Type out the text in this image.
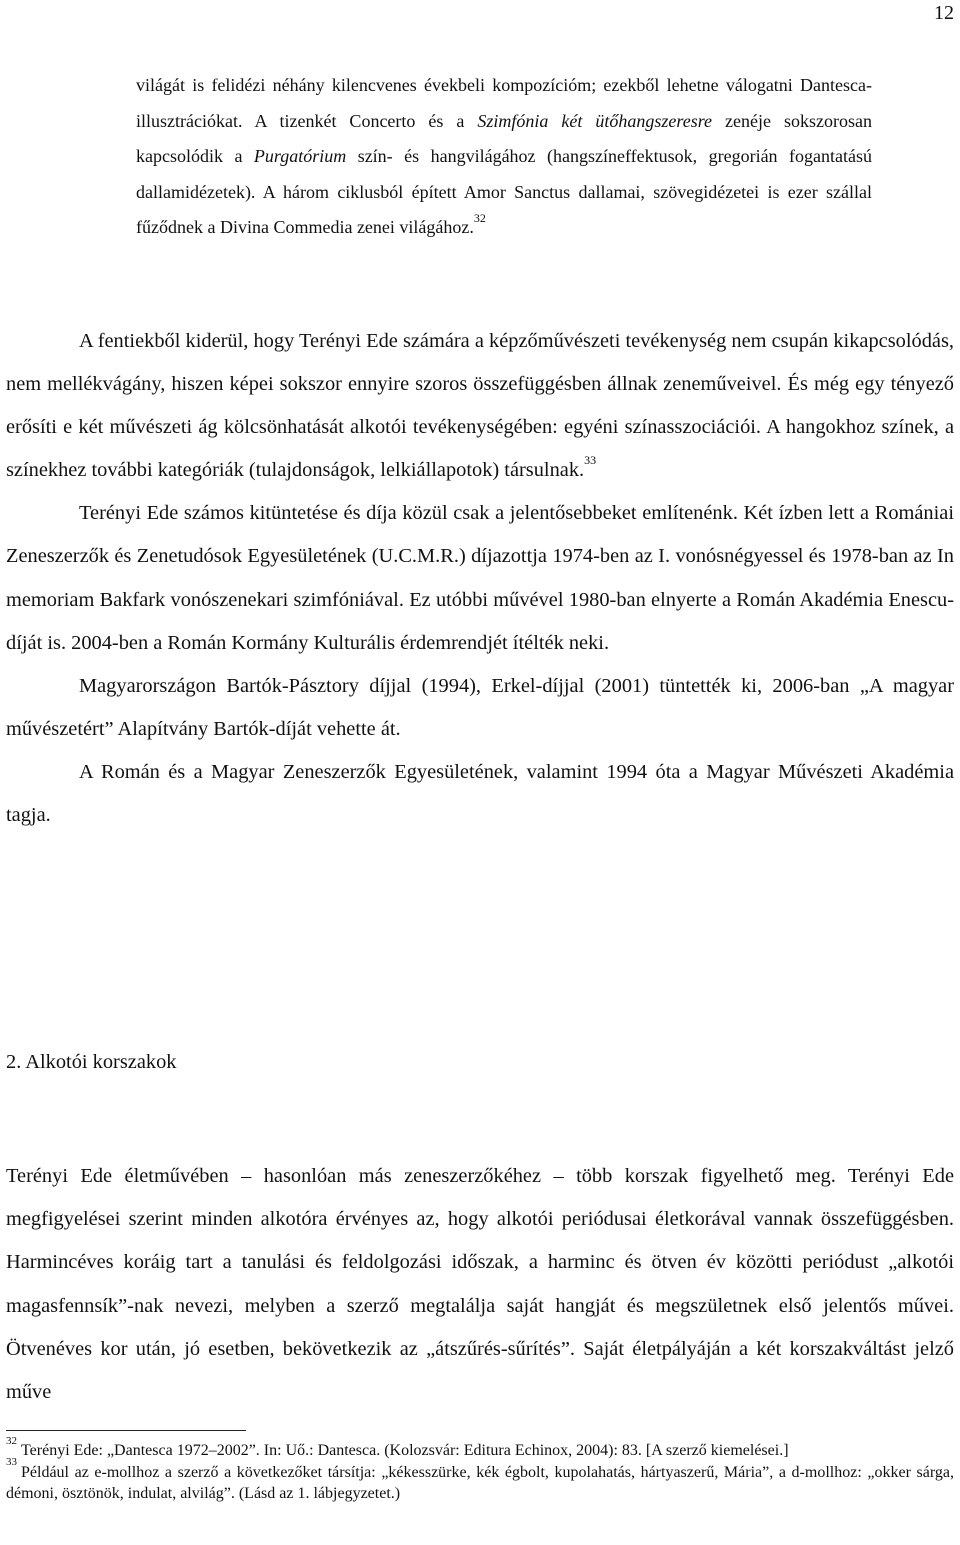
12
világát is felidézi néhány kilencvenes évekbeli kompozícióm; ezekből lehetne válogatni Dantesca-illusztrációkat. A tizenkét Concerto és a Szimfónia két ütőhangszeresre zenéje sokszorosan kapcsolódik a Purgatórium szín- és hangvilágához (hangszíneffektusok, gregorián fogantatású dallamidézetek). A három ciklusból épített Amor Sanctus dallamai, szövegidézetei is ezer szállal fűződnek a Divina Commedia zenei világához.$^{32}$

A fentiekből kiderül, hogy Terényi Ede számára a képzőművészeti tevékenység nem csupán kikapcsolódás, nem mellékvágány, hiszen képei sokszor ennyire szoros összefüggésben állnak zeneműveivel. És még egy tényező erősíti e két művészeti ág kölcsönhatását alkotói tevékenységében: egyéni színasszociációi. A hangokhoz színek, a színekhez további kategóriák (tulajdonságok, lelkiállapotok) társulnak.$^{33}$

Terényi Ede számos kitüntetése és díja közül csak a jelentősebbeket említenénk. Két ízben lett a Romániai Zeneszerzők és Zenetudósok Egyesületének (U.C.M.R.) díjazottja 1974-ben az I. vonósnégyessel és 1978-ban az In memoriam Bakfark vonószenekari szimfóniával. Ez utóbbi művével 1980-ban elnyerte a Román Akadémia Enescu-díját is. 2004-ben a Román Kormány Kulturális érdemrendjét ítélték neki.

Magyarországon Bartók-Pásztory díjjal (1994), Erkel-díjjal (2001) tüntették ki, 2006-ban „A magyar művészetért” Alapítvány Bartók-díját vehette át.

A Román és a Magyar Zeneszerzők Egyesületének, valamint 1994 óta a Magyar Művészeti Akadémia tagja.

2. Alkotói korszakok
Terényi Ede életművében – hasonlóan más zeneszerzőkéhez – több korszak figyelhető meg. Terényi Ede megfigyelései szerint minden alkotóra érvényes az, hogy alkotói periódusai életkorával vannak összefüggésben. Harmincéves koráig tart a tanulási és feldolgozási időszak, a harminc és ötven év közötti periódust „alkotói magasfennsík”-nak nevezi, melyben a szerző megtalálja saját hangját és megszületnek első jelentős művei. Ötvenéves kor után, jó esetben, bekövetkezik az „átszűrés-sűrítés”. Saját életpályáján a két korszakváltást jelző műve

$^{32}$Terényi Ede: „Dantesca 1972–2002”. In: Uő.: Dantesca. (Kolozsvár: Editura Echinox, 2004): 83. [A szerző kiemelései.]

$^{33}$Például az e-mollhoz a szerző a következőket társítja: „kékesszürke, kék égbolt, kupolahatás, hártyaszerű, Mária”, a d-mollhoz: „okker sárga, démoni, ösztönök, indulat, alvilág”. (Lásd az 1. lábjegyzetet.)
